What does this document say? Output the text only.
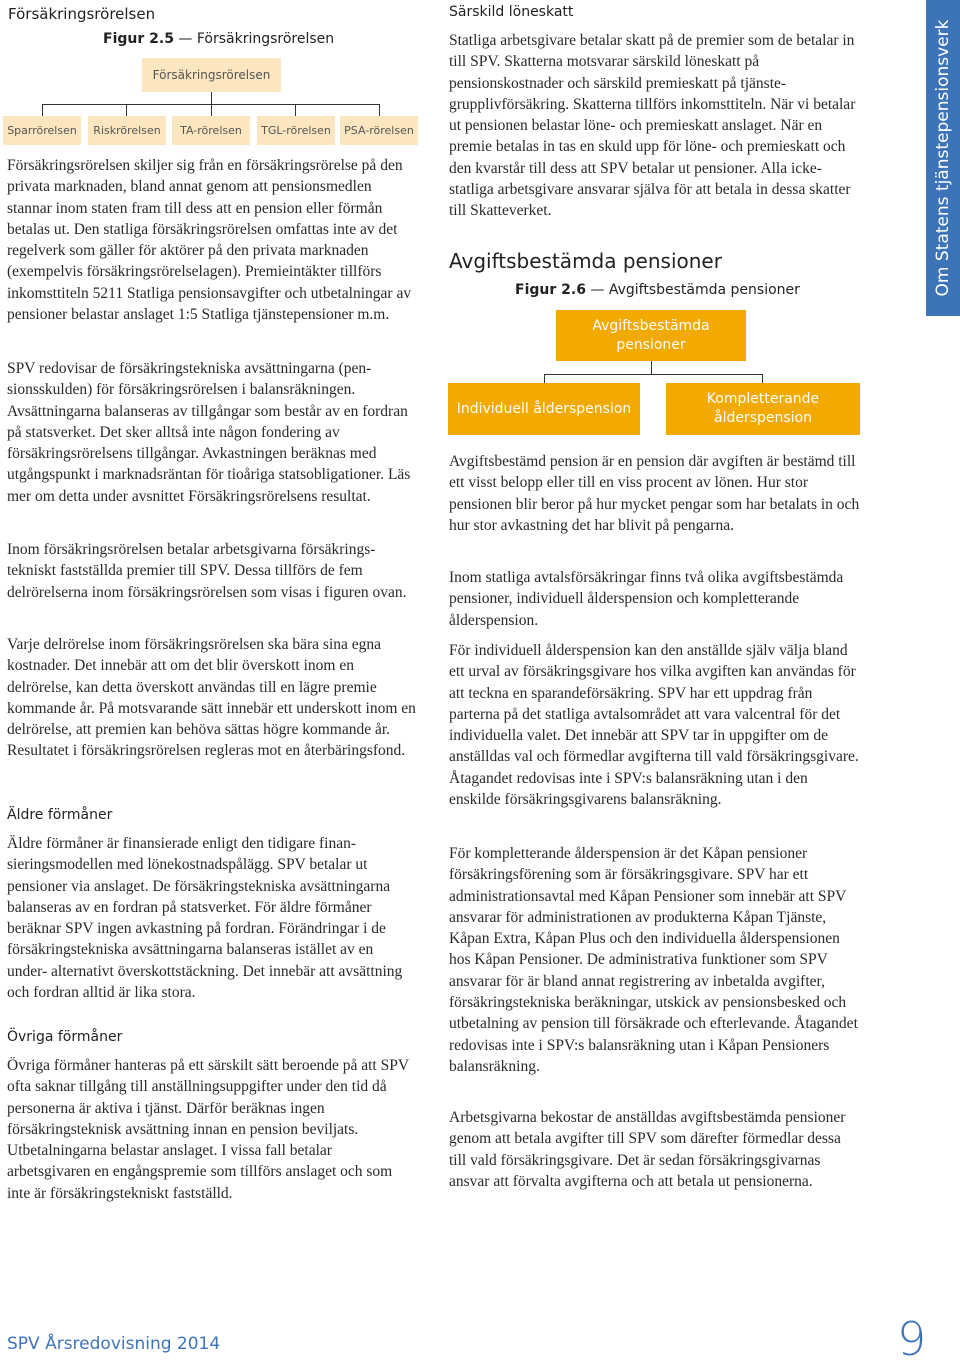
Försäkringsrörelsen
Om Statens tjänstepensionsverk
Figur 2.5 — Försäkringsrörelsen
Försäkringsrörelsen
Sparrörelsen	Riskrörelsen	TA-rörelsen	TGL-rörelsen	PSA-rörelsen

Försäkringsrörelsen skiljer sig från en försäkringsrörelse på den privata marknaden, bland annat genom att pensionsmedlen stannar inom staten fram till dess att en pension eller förmån betalas ut. Den statliga försäkringsrörelsen omfattas inte av det regelverk som gäller för aktörer på den privata marknaden (exempelvis försäkringsrörelselagen). Premieintäkter tillförs inkomsttiteln 5211 Statliga pensionsavgifter och utbetalningar av pensioner belastar anslaget 1:5 Statliga tjänstepensioner m.m.

SPV redovisar de försäkringstekniska avsättningarna (pensionsskulden) för försäkringsrörelsen i balansräkningen. Avsättningarna balanseras av tillgångar som består av en fordran på statsverket. Det sker alltså inte någon fondering av försäkringsrörelsens tillgångar. Avkastningen beräknas med utgångspunkt i marknadsräntan för tioåriga statsobligationer. Läs mer om detta under avsnittet Försäkringsrörelsens resultat.

Inom försäkringsrörelsen betalar arbetsgivarna försäkringstekniskt fastställda premier till SPV. Dessa tillförs de fem delrörelserna inom försäkringsrörelsen som visas i figuren ovan.

Varje delrörelse inom försäkringsrörelsen ska bära sina egna kostnader. Det innebär att om det blir överskott inom en delrörelse, kan detta överskott användas till en lägre premie kommande år. På motsvarande sätt innebär ett underskott inom en delrörelse, att premien kan behöva sättas högre kommande år. Resultatet i försäkringsrörelsen regleras mot en återbäringsfond.

Äldre förmåner

Äldre förmåner är finansierade enligt den tidigare finansieringsmodellen med lönekostnadspålägg. SPV betalar ut pensioner via anslaget. De försäkringstekniska avsättningarna balanseras av en fordran på statsverket. För äldre förmåner beräknar SPV ingen avkastning på fordran. Förändringar i de försäkringstekniska avsättningarna balanseras istället av en under- alternativt överskottstäckning. Det innebär att avsättning och fordran alltid är lika stora.

Övriga förmåner

Övriga förmåner hanteras på ett särskilt sätt beroende på att SPV ofta saknar tillgång till anställningsuppgifter under den tid då personerna är aktiva i tjänst. Därför beräknas ingen försäkringsteknisk avsättning innan en pension beviljats. Utbetalningarna belastar anslaget. I vissa fall betalar arbetsgivaren en engångspremie som tillförs anslaget och som inte är försäkringstekniskt fastställd.

Särskild löneskatt

Statliga arbetsgivare betalar skatt på de premier som de betalar in till SPV. Skatterna motsvarar särskild löneskatt på pensionskostnader och särskild premieskatt på tjänstegrupplivförsäkring. Skatterna tillförs inkomsttiteln. När vi betalar ut pensionen belastar löne- och premieskatt anslaget. När en premie betalas in tas en skuld upp för löne- och premieskatt och den kvarstår till dess att SPV betalar ut pensioner. Alla icke-statliga arbetsgivare ansvarar själva för att betala in dessa skatter till Skatteverket.

Avgiftsbestämda pensioner
Figur 2.6 — Avgiftsbestämda pensioner
Avgiftsbestämda pensioner
Individuell ålderspension
Kompletterande ålderspension

Avgiftsbestämd pension är en pension där avgiften är bestämd till ett visst belopp eller till en viss procent av lönen. Hur stor pensionen blir beror på hur mycket pengar som har betalats in och hur stor avkastning det har blivit på pengarna.

Inom statliga avtalsförsäkringar finns två olika avgiftsbestämda pensioner, individuell ålderspension och kompletterande ålderspension.

För individuell ålderspension kan den anställde själv välja bland ett urval av försäkringsgivare hos vilka avgiften kan användas för att teckna en sparandeförsäkring. SPV har ett uppdrag från parterna på det statliga avtalsområdet att vara valcentral för det individuella valet. Det innebär att SPV tar in uppgifter om de anställdas val och förmedlar avgifterna till vald försäkringsgivare. Åtagandet redovisas inte i SPV:s balansräkning utan i den enskilde försäkringsgivarens balansräkning.

För kompletterande ålderspension är det Kåpan pensioner försäkringsförening som är försäkringsgivare. SPV har ett administrationsavtal med Kåpan Pensioner som innebär att SPV ansvarar för administrationen av produkterna Kåpan Tjänste, Kåpan Extra, Kåpan Plus och den individuella ålderspensionen hos Kåpan Pensioner. De administrativa funktioner som SPV ansvarar för är bland annat registrering av inbetalda avgifter, försäkringstekniska beräkningar, utskick av pensionsbesked och utbetalning av pension till försäkrade och efterlevande. Åtagandet redovisas inte i SPV:s balansräkning utan i Kåpan Pensioners balansräkning.

Arbetsgivarna bekostar de anställdas avgiftsbestämda pensioner genom att betala avgifter till SPV som därefter förmedlar dessa till vald försäkringsgivare. Det är sedan försäkringsgivarnas ansvar att förvalta avgifterna och att betala ut pensionerna.

SPV Årsredovisning 2014	9
